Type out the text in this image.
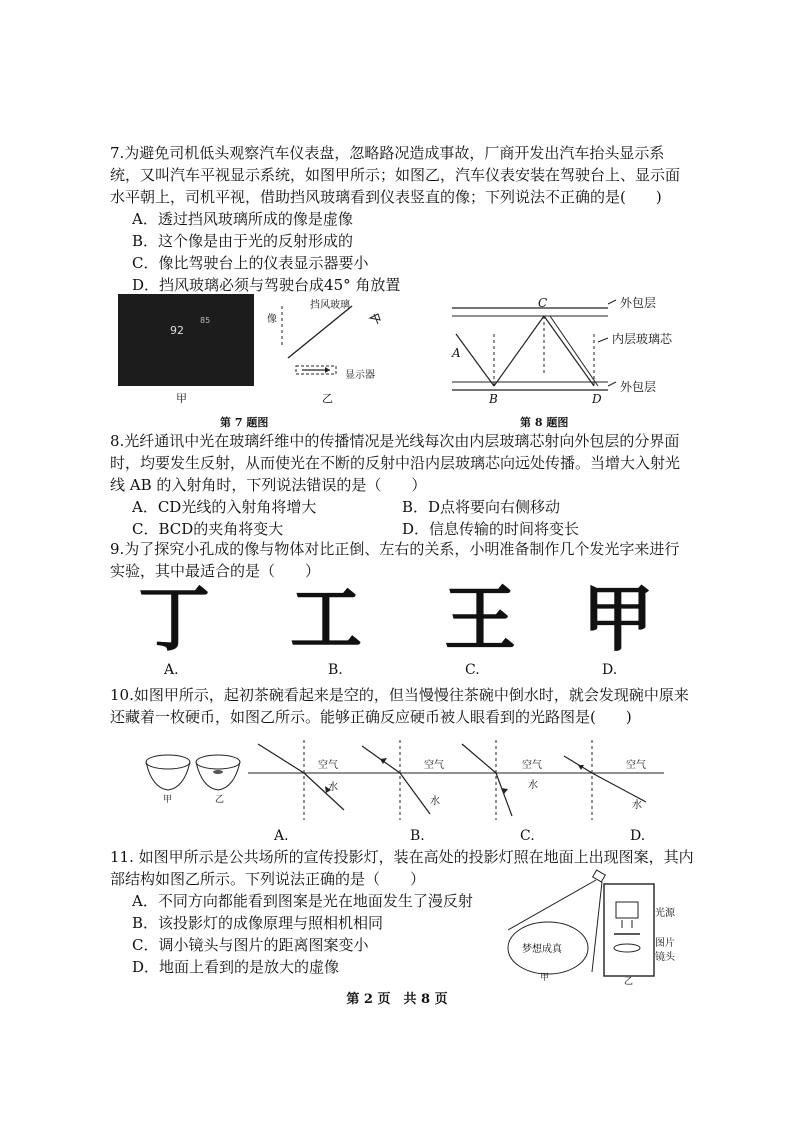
7.为避免司机低头观察汽车仪表盘，忽略路况造成事故，厂商开发出汽车抬头显示系统，又叫汽车平视显示系统，如图甲所示；如图乙，汽车仪表安装在驾驶台上、显示面水平朝上，司机平视，借助挡风玻璃看到仪表竖直的像；下列说法不正确的是(　　)

A．透过挡风玻璃所成的像是虚像

B．这个像是由于光的反射形成的

C．像比驾驶台上的仪表显示器要小

D．挡风玻璃必须与驾驶台成45° 角放置

92
85
甲
挡风玻璃
像
显示器
乙
第 7 题图
A
B
C
D
外包层
内层玻璃芯
外包层
第 8 题图

8.光纤通讯中光在玻璃纤维中的传播情况是光线每次由内层玻璃芯射向外包层的分界面时，均要发生反射，从而使光在不断的反射中沿内层玻璃芯向远处传播。当增大入射光线 AB 的入射角时，下列说法错误的是（　　）

A．CD光线的入射角将增大	B．D点将要向右侧移动
C．BCD的夹角将变大	D．信息传输的时间将变长

9.为了探究小孔成的像与物体对比正倒、左右的关系，小明准备制作几个发光字来进行实验，其中最适合的是（　　）

丁 工 王 甲
A.	B.	C.	D.

10.如图甲所示，起初茶碗看起来是空的，但当慢慢往茶碗中倒水时，就会发现碗中原来还藏着一枚硬币，如图乙所示。能够正确反应硬币被人眼看到的光路图是(　　)

甲	乙
空气
水
空气
水
空气
水
空气
水
A.	B.	C.	D.

11. 如图甲所示是公共场所的宣传投影灯，装在高处的投影灯照在地面上出现图案，其内部结构如图乙所示。下列说法正确的是（　　）

A．不同方向都能看到图案是光在地面发生了漫反射

B．该投影灯的成像原理与照相机相同

C．调小镜头与图片的距离图案变小

D．地面上看到的是放大的虚像

梦想成真
光源
图片
镜头
甲	乙
第 2 页　共 8 页
